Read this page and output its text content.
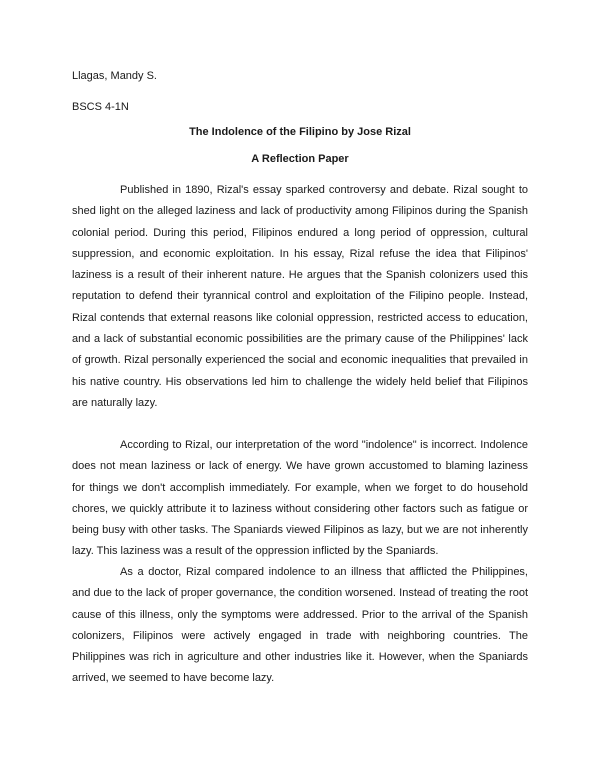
Llagas, Mandy S.
BSCS 4-1N
The Indolence of the Filipino by Jose Rizal
A Reflection Paper

Published in 1890, Rizal's essay sparked controversy and debate. Rizal sought to shed light on the alleged laziness and lack of productivity among Filipinos during the Spanish colonial period. During this period, Filipinos endured a long period of oppression, cultural suppression, and economic exploitation. In his essay, Rizal refuse the idea that Filipinos' laziness is a result of their inherent nature. He argues that the Spanish colonizers used this reputation to defend their tyrannical control and exploitation of the Filipino people. Instead, Rizal contends that external reasons like colonial oppression, restricted access to education, and a lack of substantial economic possibilities are the primary cause of the Philippines' lack of growth. Rizal personally experienced the social and economic inequalities that prevailed in his native country. His observations led him to challenge the widely held belief that Filipinos are naturally lazy.

According to Rizal, our interpretation of the word "indolence" is incorrect. Indolence does not mean laziness or lack of energy. We have grown accustomed to blaming laziness for things we don't accomplish immediately. For example, when we forget to do household chores, we quickly attribute it to laziness without considering other factors such as fatigue or being busy with other tasks. The Spaniards viewed Filipinos as lazy, but we are not inherently lazy. This laziness was a result of the oppression inflicted by the Spaniards.

As a doctor, Rizal compared indolence to an illness that afflicted the Philippines, and due to the lack of proper governance, the condition worsened. Instead of treating the root cause of this illness, only the symptoms were addressed. Prior to the arrival of the Spanish colonizers, Filipinos were actively engaged in trade with neighboring countries. The Philippines was rich in agriculture and other industries like it. However, when the Spaniards arrived, we seemed to have become lazy.
